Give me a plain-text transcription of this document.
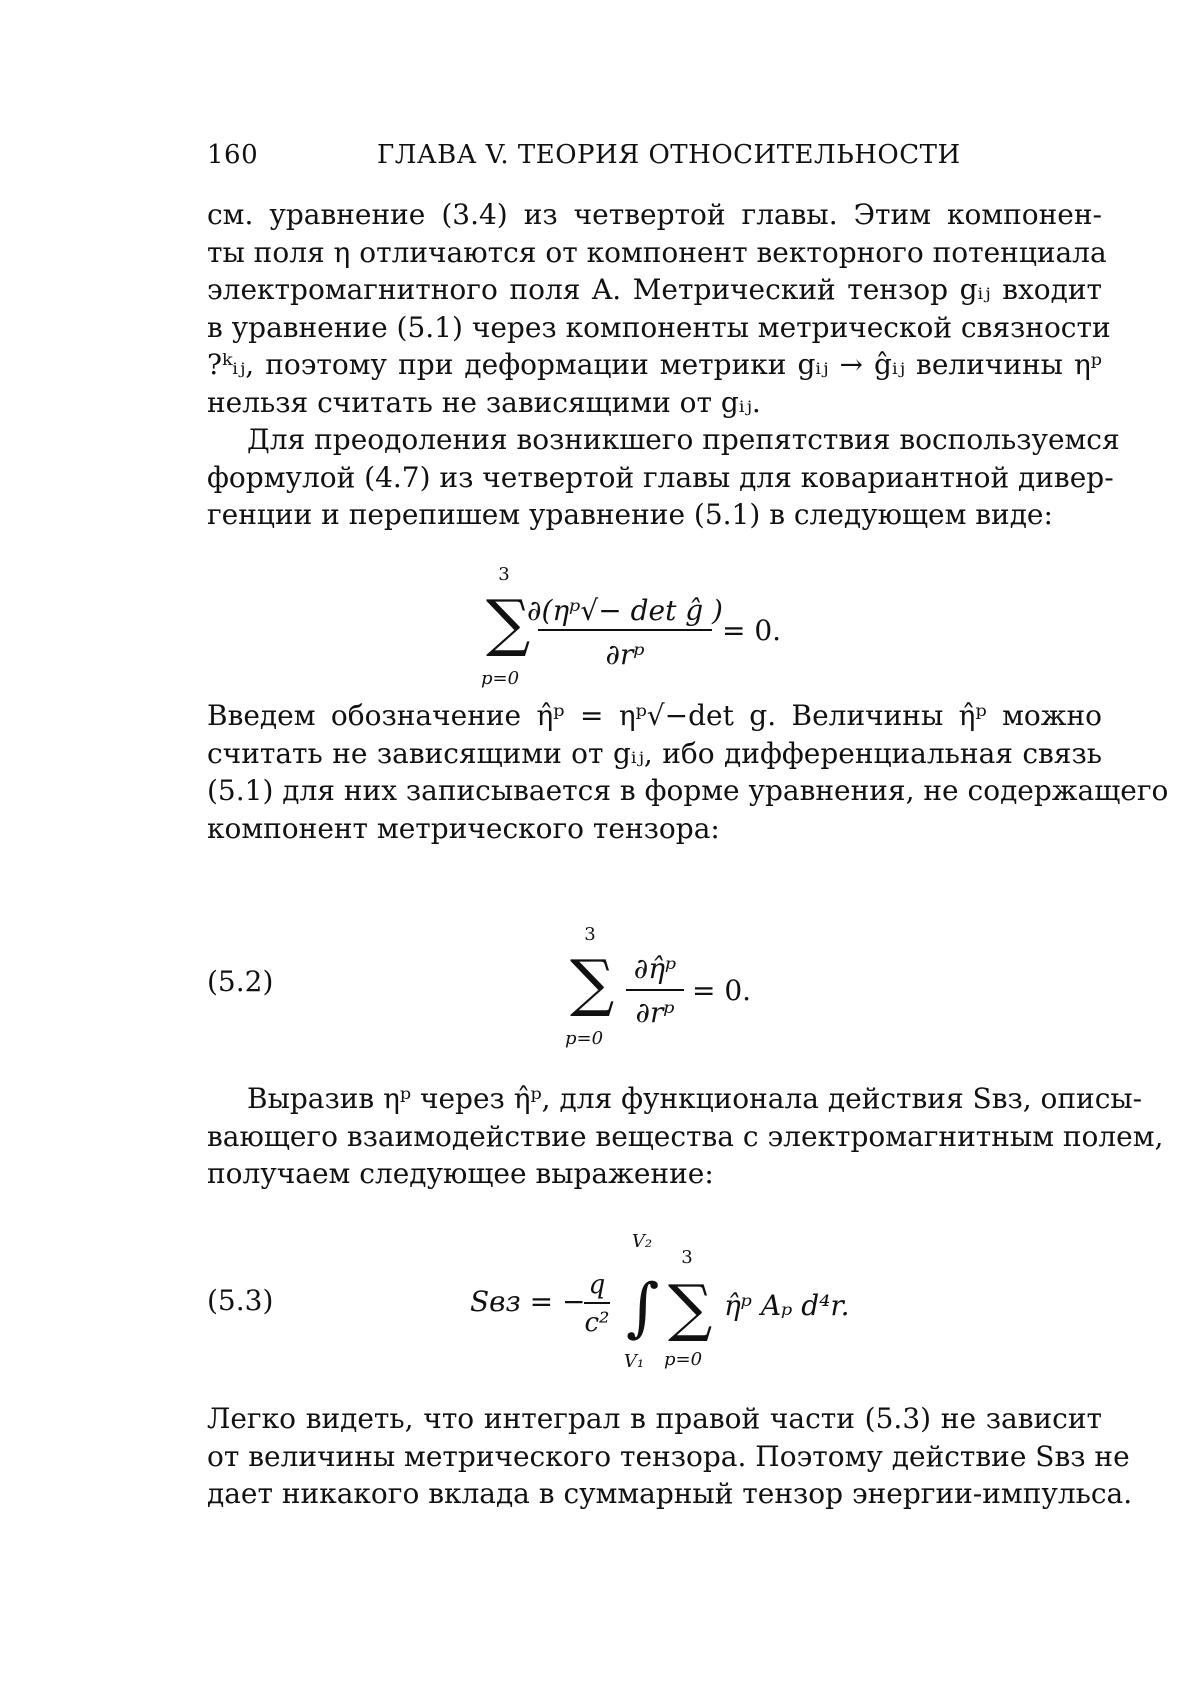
160	ГЛАВА V. ТЕОРИЯ ОТНОСИТЕЛЬНОСТИ
см. уравнение (3.4) из четвертой главы. Этим компонен-
ты поля η отличаются от компонент векторного потенциала
электромагнитного поля A. Метрический тензор gᵢⱼ входит
в уравнение (5.1) через компоненты метрической связности
?ᵏᵢⱼ, поэтому при деформации метрики gᵢⱼ → ĝᵢⱼ величины ηᵖ
нельзя считать не зависящими от gᵢⱼ.
Для преодоления возникшего препятствия воспользуемся
формулой (4.7) из четвертой главы для ковариантной дивер-
генции и перепишем уравнение (5.1) в следующем виде:
3
∑
p=0
∂(ηᵖ√− det ĝ )
∂rᵖ
= 0.
Введем обозначение η̂ᵖ = ηᵖ√−det g. Величины η̂ᵖ можно
считать не зависящими от gᵢⱼ, ибо дифференциальная связь
(5.1) для них записывается в форме уравнения, не содержащего
компонент метрического тензора:
(5.2)
3
∑
p=0
∂η̂ᵖ
∂rᵖ
= 0.
Выразив ηᵖ через η̂ᵖ, для функционала действия Sвз, описы-
вающего взаимодействие вещества с электромагнитным полем,
получаем следующее выражение:
(5.3)	Sвз = − q
c²
V₂
∫
V₁
3
∑
p=0
η̂ᵖ Aₚ d⁴r.
Легко видеть, что интеграл в правой части (5.3) не зависит
от величины метрического тензора. Поэтому действие Sвз не
дает никакого вклада в суммарный тензор энергии-импульса.
